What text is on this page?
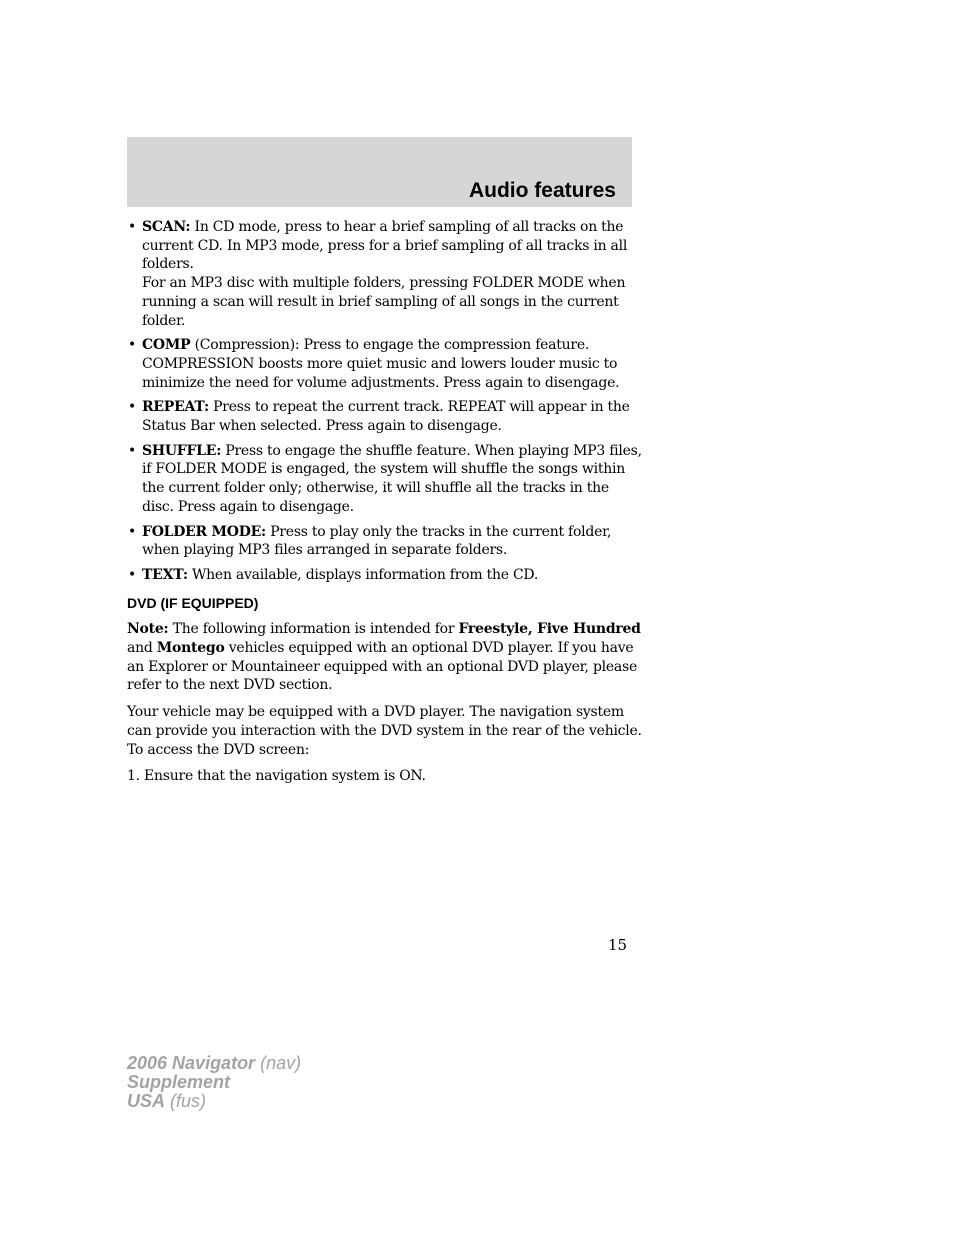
Audio features
• SCAN: In CD mode, press to hear a brief sampling of all tracks on the current CD. In MP3 mode, press for a brief sampling of all tracks in all folders.
For an MP3 disc with multiple folders, pressing FOLDER MODE when running a scan will result in brief sampling of all songs in the current folder.
• COMP (Compression): Press to engage the compression feature. COMPRESSION boosts more quiet music and lowers louder music to minimize the need for volume adjustments. Press again to disengage.
• REPEAT: Press to repeat the current track. REPEAT will appear in the Status Bar when selected. Press again to disengage.
• SHUFFLE: Press to engage the shuffle feature. When playing MP3 files, if FOLDER MODE is engaged, the system will shuffle the songs within the current folder only; otherwise, it will shuffle all the tracks in the disc. Press again to disengage.
• FOLDER MODE: Press to play only the tracks in the current folder, when playing MP3 files arranged in separate folders.
• TEXT: When available, displays information from the CD.
DVD (IF EQUIPPED)

Note: The following information is intended for Freestyle, Five Hundred and Montego vehicles equipped with an optional DVD player. If you have an Explorer or Mountaineer equipped with an optional DVD player, please refer to the next DVD section.

Your vehicle may be equipped with a DVD player. The navigation system can provide you interaction with the DVD system in the rear of the vehicle. To access the DVD screen:

1. Ensure that the navigation system is ON.

15

2006 Navigator (nav)
Supplement
USA (fus)
